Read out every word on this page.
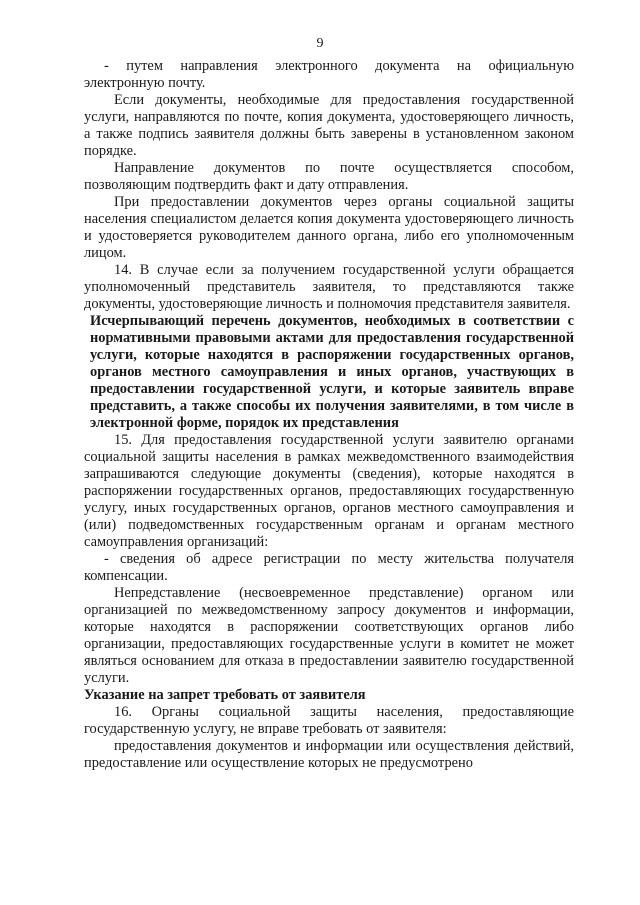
9

- путем направления электронного документа на официальную электронную почту.

Если документы, необходимые для предоставления государственной услуги, направляются по почте, копия документа, удостоверяющего личность, а также подпись заявителя должны быть заверены в установленном законом порядке.

Направление документов по почте осуществляется способом, позволяющим подтвердить факт и дату отправления.

При предоставлении документов через органы социальной защиты населения специалистом делается копия документа удостоверяющего личность и удостоверяется руководителем данного органа, либо его уполномоченным лицом.

14. В случае если за получением государственной услуги обращается уполномоченный представитель заявителя, то представляются также документы, удостоверяющие личность и полномочия представителя заявителя.

Исчерпывающий перечень документов, необходимых в соответствии с нормативными правовыми актами для предоставления государственной услуги, которые находятся в распоряжении государственных органов, органов местного самоуправления и иных органов, участвующих в предоставлении государственной услуги, и которые заявитель вправе представить, а также способы их получения заявителями, в том числе в электронной форме, порядок их представления

15. Для предоставления государственной услуги заявителю органами социальной защиты населения в рамках межведомственного взаимодействия запрашиваются следующие документы (сведения), которые находятся в распоряжении государственных органов, предоставляющих государственную услугу, иных государственных органов, органов местного самоуправления и (или) подведомственных государственным органам и органам местного самоуправления организаций:

- сведения об адресе регистрации по месту жительства получателя компенсации.

Непредставление (несвоевременное представление) органом или организацией по межведомственному запросу документов и информации, которые находятся в распоряжении соответствующих органов либо организации, предоставляющих государственные услуги в комитет не может являться основанием для отказа в предоставлении заявителю государственной услуги.

Указание на запрет требовать от заявителя

16. Органы социальной защиты населения, предоставляющие государственную услугу, не вправе требовать от заявителя:

предоставления документов и информации или осуществления действий, предоставление или осуществление которых не предусмотрено
